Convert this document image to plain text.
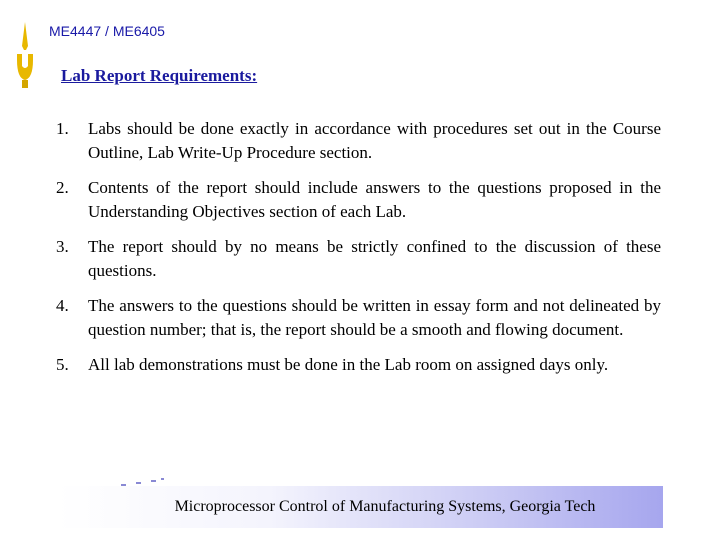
ME4447 / ME6405
Lab Report Requirements:
1.	Labs should be done exactly in accordance with procedures set out in the Course Outline, Lab Write-Up Procedure section.
2.	Contents of the report should include answers to the questions proposed in the Understanding Objectives section of each Lab.
3.	The report should by no means be strictly confined to the discussion of these questions.
4.	The answers to the questions should be written in essay form and not delineated by question number; that is, the report should be a smooth and flowing document.
5.	All lab demonstrations must be done in the Lab room on assigned days only.
Microprocessor Control of Manufacturing Systems, Georgia Tech
